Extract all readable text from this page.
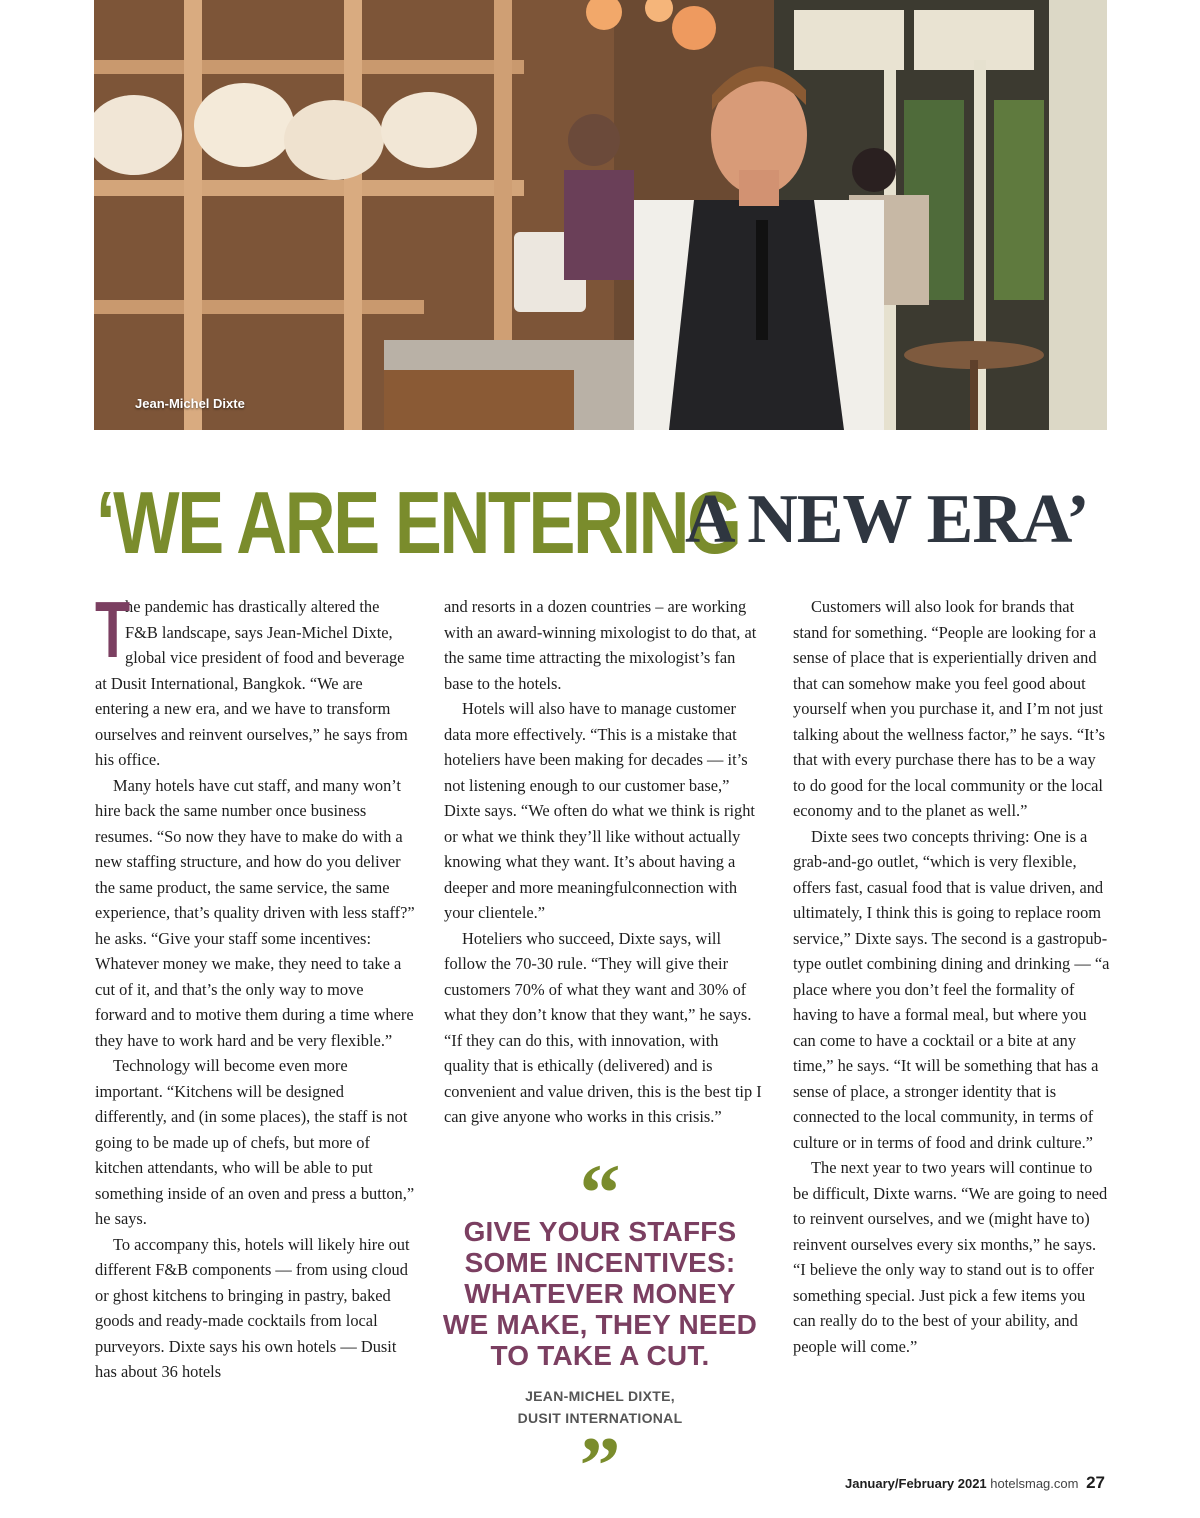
Jean-Michel Dixte
‘WE ARE ENTERING
A NEW ERA’

T
he pandemic has drastically altered the F&B landscape, says Jean-Michel Dixte, global vice president of food and beverage at Dusit International, Bangkok. “We are entering a new era, and we have to transform ourselves and reinvent ourselves,” he says from his office.

Many hotels have cut staff, and many won’t hire back the same number once business resumes. “So now they have to make do with a new staffing structure, and how do you deliver the same product, the same service, the same experience, that’s quality driven with less staff?” he asks. “Give your staff some incentives: Whatever money we make, they need to take a cut of it, and that’s the only way to move forward and to motive them during a time where they have to work hard and be very flexible.”

Technology will become even more important. “Kitchens will be designed differently, and (in some places), the staff is not going to be made up of chefs, but more of kitchen attendants, who will be able to put something inside of an oven and press a button,” he says.

To accompany this, hotels will likely hire out different F&B components — from using cloud or ghost kitchens to bringing in pastry, baked goods and ready-made cocktails from local purveyors. Dixte says his own hotels — Dusit has about 36 hotels

and resorts in a dozen countries – are working with an award-winning mixologist to do that, at the same time attracting the mixologist’s fan base to the hotels.

Hotels will also have to manage customer data more effectively. “This is a mistake that hoteliers have been making for decades — it’s not listening enough to our customer base,” Dixte says. “We often do what we think is right or what we think they’ll like without actually knowing what they want. It’s about having a deeper and more meaningfulconnection with your clientele.”

Hoteliers who succeed, Dixte says, will follow the 70-30 rule. “They will give their customers 70% of what they want and 30% of what they don’t know that they want,” he says. “If they can do this, with innovation, with quality that is ethically (delivered) and is convenient and value driven, this is the best tip I can give anyone who works in this crisis.”

“
GIVE YOUR STAFFS SOME INCENTIVES: WHATEVER MONEY WE MAKE, THEY NEED TO TAKE A CUT.
JEAN-MICHEL DIXTE,
DUSIT INTERNATIONAL
”

Customers will also look for brands that stand for something. “People are looking for a sense of place that is experientially driven and that can somehow make you feel good about yourself when you purchase it, and I’m not just talking about the wellness factor,” he says. “It’s that with every purchase there has to be a way to do good for the local community or the local economy and to the planet as well.”

Dixte sees two concepts thriving: One is a grab-and-go outlet, “which is very flexible, offers fast, casual food that is value driven, and ultimately, I think this is going to replace room service,” Dixte says. The second is a gastropub-type outlet combining dining and drinking — “a place where you don’t feel the formality of having to have a formal meal, but where you can come to have a cocktail or a bite at any time,” he says. “It will be something that has a sense of place, a stronger identity that is connected to the local community, in terms of culture or in terms of food and drink culture.”

The next year to two years will continue to be difficult, Dixte warns. “We are going to need to reinvent ourselves, and we (might have to) reinvent ourselves every six months,” he says. “I believe the only way to stand out is to offer something special. Just pick a few items you can really do to the best of your ability, and people will come.”

January/February 2021 hotelsmag.com 27
